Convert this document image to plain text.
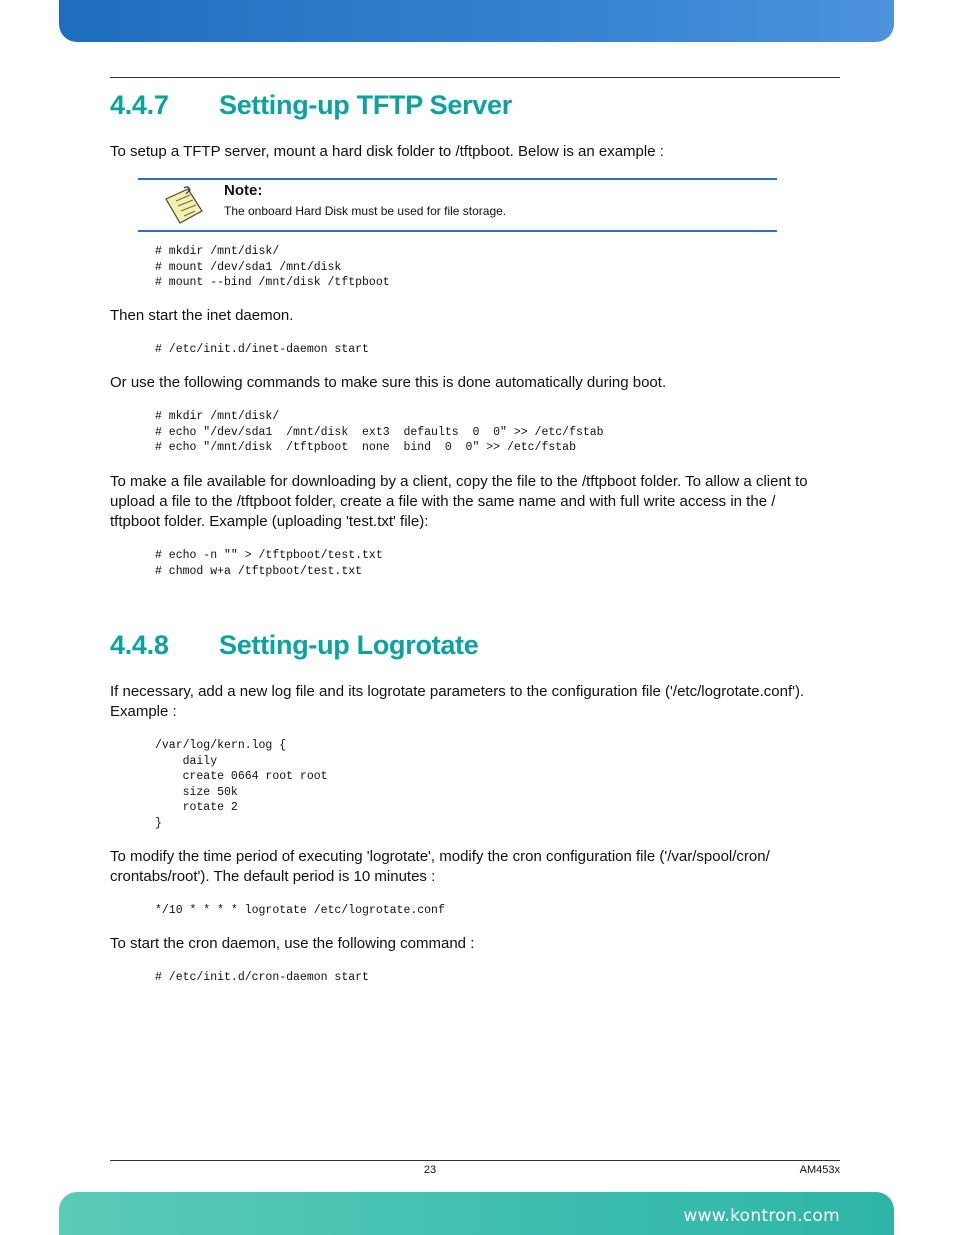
4.4.7 Setting-up TFTP Server

To setup a TFTP server, mount a hard disk folder to /tftpboot. Below is an example :

Note:
The onboard Hard Disk must be used for file storage.
# mkdir /mnt/disk/
# mount /dev/sda1 /mnt/disk
# mount --bind /mnt/disk /tftpboot

Then start the inet daemon.

# /etc/init.d/inet-daemon start

Or use the following commands to make sure this is done automatically during boot.

# mkdir /mnt/disk/
# echo "/dev/sda1  /mnt/disk  ext3  defaults  0  0" >> /etc/fstab
# echo "/mnt/disk  /tftpboot  none  bind  0  0" >> /etc/fstab
To make a file available for downloading by a client, copy the file to the /tftpboot folder. To allow a client to
upload a file to the /tftpboot folder, create a file with the same name and with full write access in the /
tftpboot folder. Example (uploading 'test.txt' file):
# echo -n "" > /tftpboot/test.txt
# chmod w+a /tftpboot/test.txt
4.4.8 Setting-up Logrotate
If necessary, add a new log file and its logrotate parameters to the configuration file ('/etc/logrotate.conf').
Example :
/var/log/kern.log {
daily
create 0664 root root
size 50k
rotate 2
}
To modify the time period of executing 'logrotate', modify the cron configuration file ('/var/spool/cron/
crontabs/root'). The default period is 10 minutes :
*/10 * * * * logrotate /etc/logrotate.conf

To start the cron daemon, use the following command :

# /etc/init.d/cron-daemon start
23	AM453x
www.kontron.com
